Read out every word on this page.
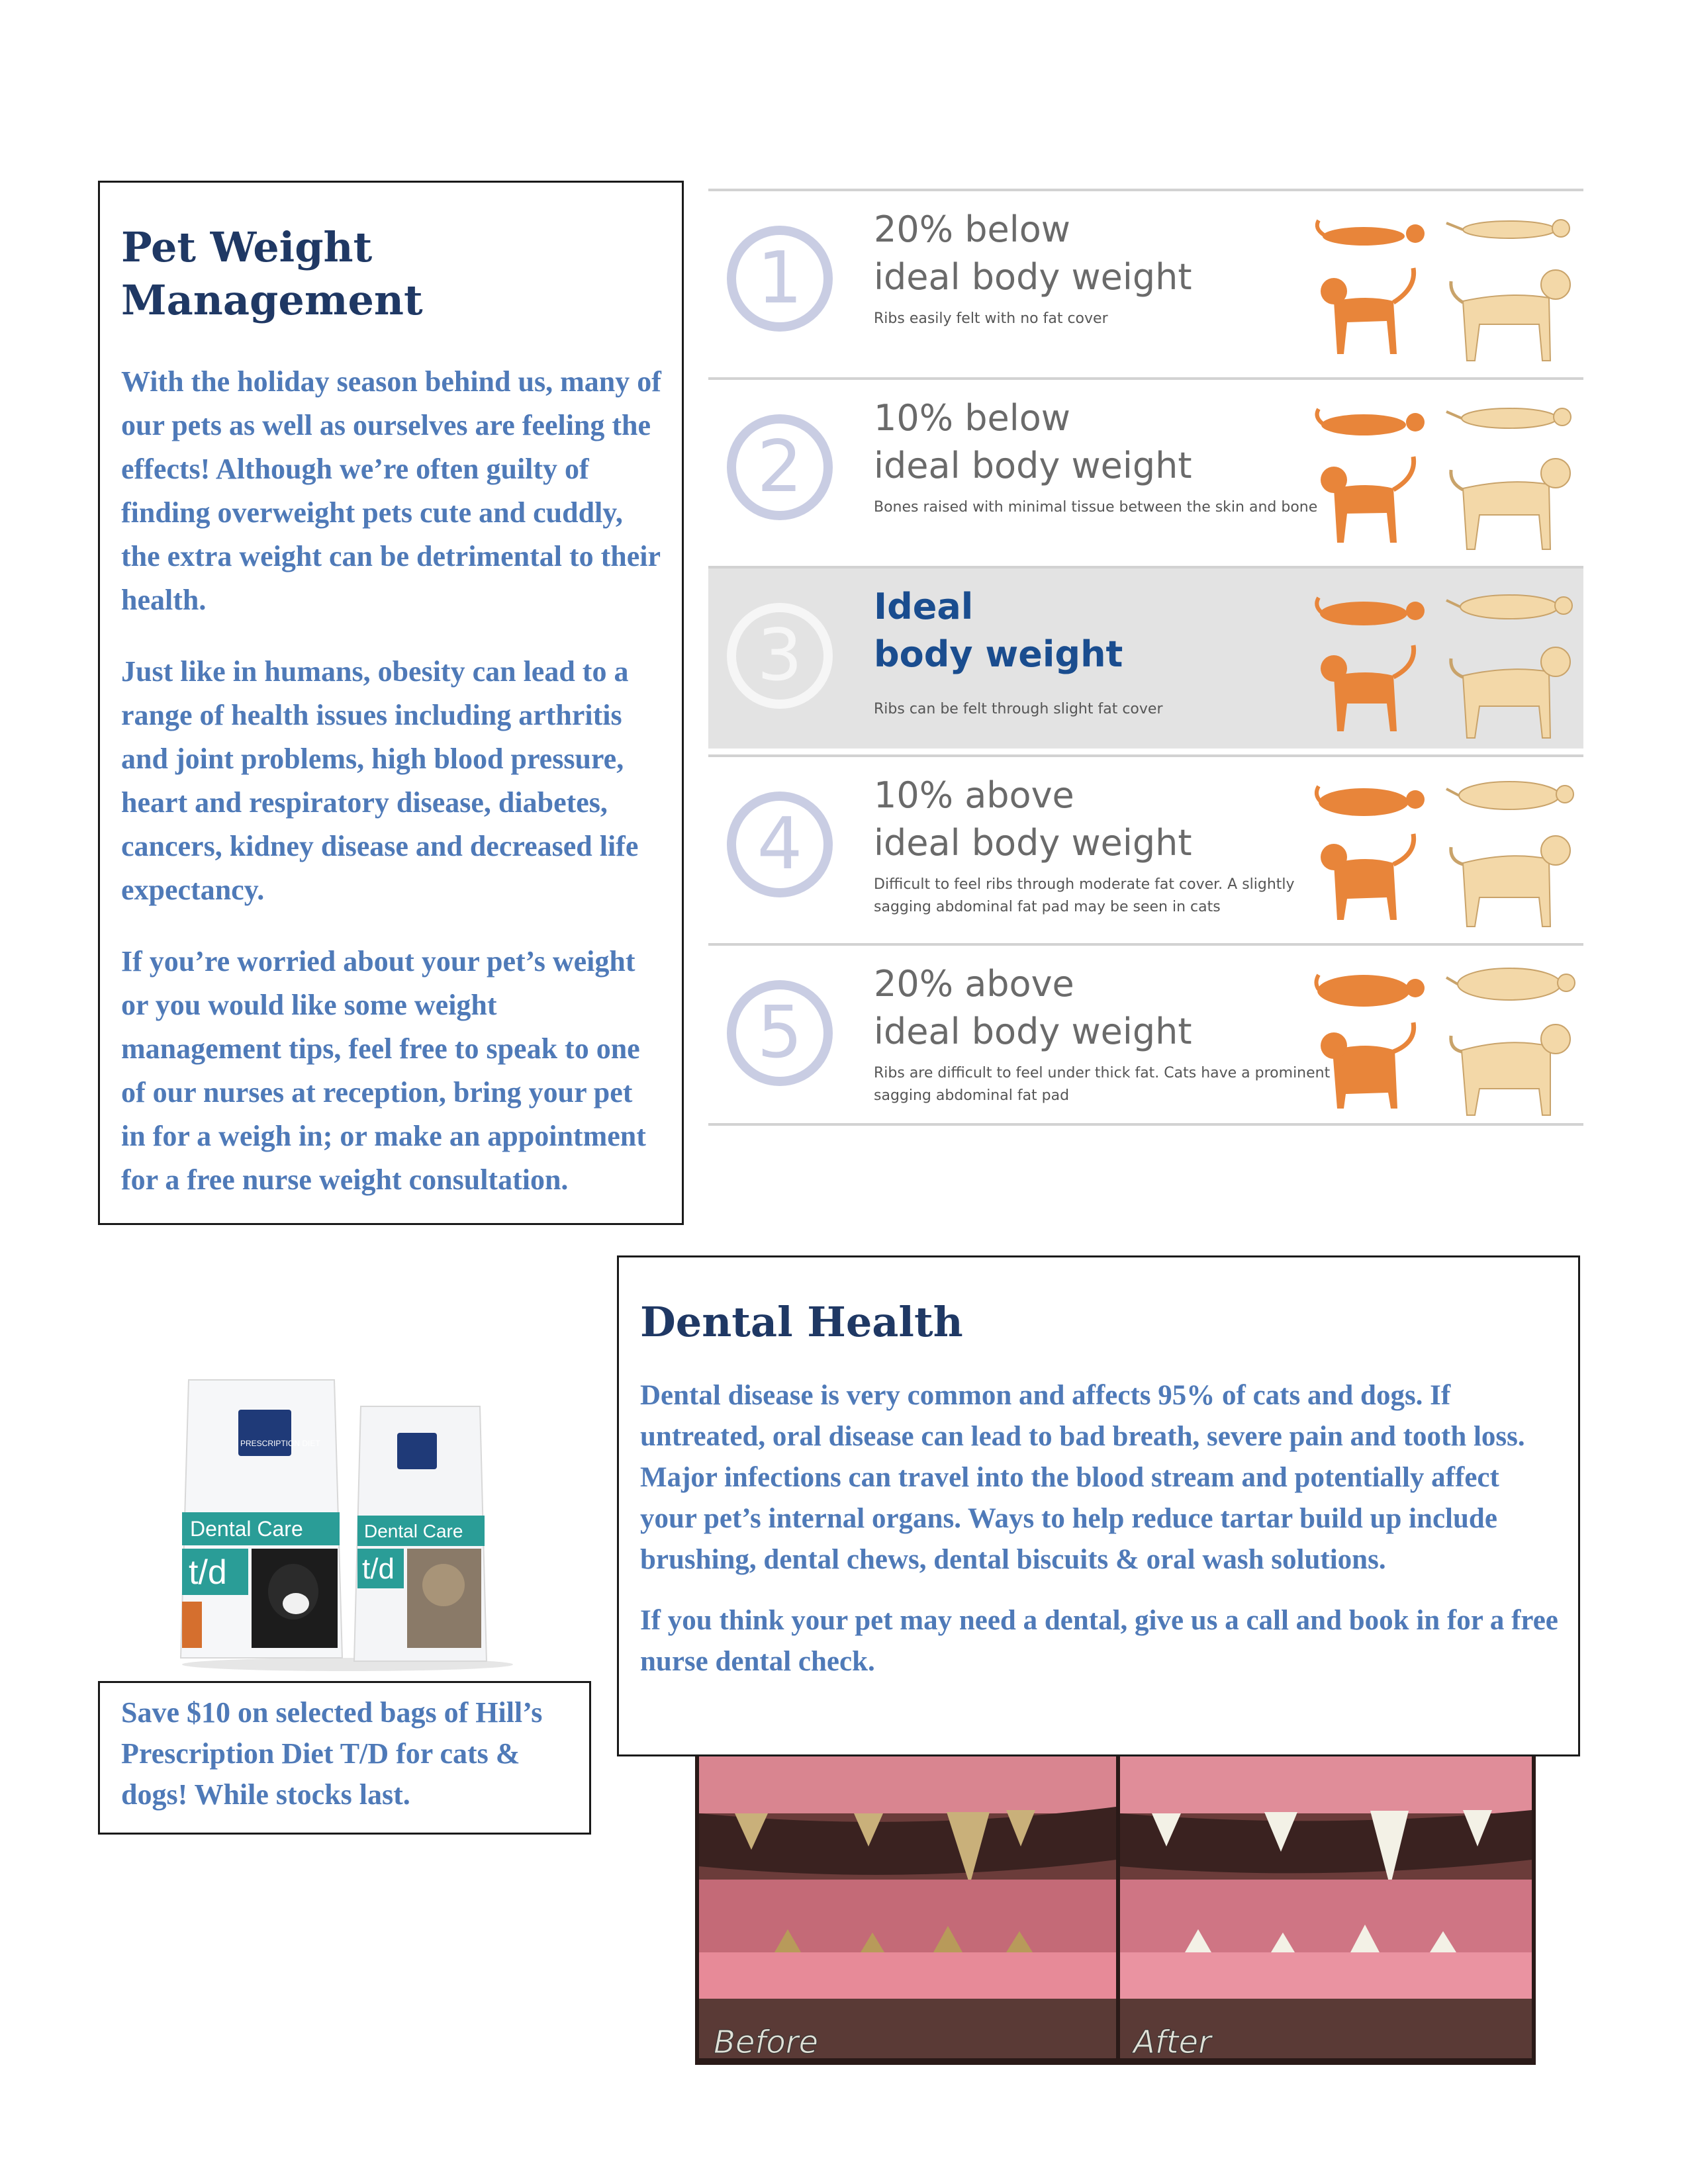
Pet Weight Management

With the holiday season behind us, many of our pets as well as ourselves are feeling the effects! Although we’re often guilty of finding overweight pets cute and cuddly, the extra weight can be detrimental to their health.

Just like in humans, obesity can lead to a range of health issues including arthritis and joint problems, high blood pressure, heart and respiratory disease, diabetes, cancers, kidney disease and decreased life expectancy.

If you’re worried about your pet’s weight or you would like some weight management tips, feel free to speak to one of our nurses at reception, bring your pet in for a weigh in; or make an appointment for a free nurse weight consultation.

1
20% below
ideal body weight
Ribs easily felt with no fat cover
2
10% below
ideal body weight
Bones raised with minimal tissue between the skin and bone
3
Ideal
body weight
Ribs can be felt through slight fat cover
4
10% above
ideal body weight
Difficult to feel ribs through moderate fat cover. A slightly sagging abdominal fat pad may be seen in cats
5
20% above
ideal body weight
Ribs are difficult to feel under thick fat. Cats have a prominent sagging abdominal fat pad
Dental Care
t/d
PRESCRIPTION DIET
Dental Care
t/d

Save $10 on selected bags of Hill’s Prescription Diet T/D for cats & dogs! While stocks last.

Before	After
Dental Health

Dental disease is very common and affects 95% of cats and dogs. If untreated, oral disease can lead to bad breath, severe pain and tooth loss. Major infections can travel into the blood stream and potentially affect your pet’s internal organs. Ways to help reduce tartar build up include brushing, dental chews, dental biscuits & oral wash solutions.

If you think your pet may need a dental, give us a call and book in for a free nurse dental check.
